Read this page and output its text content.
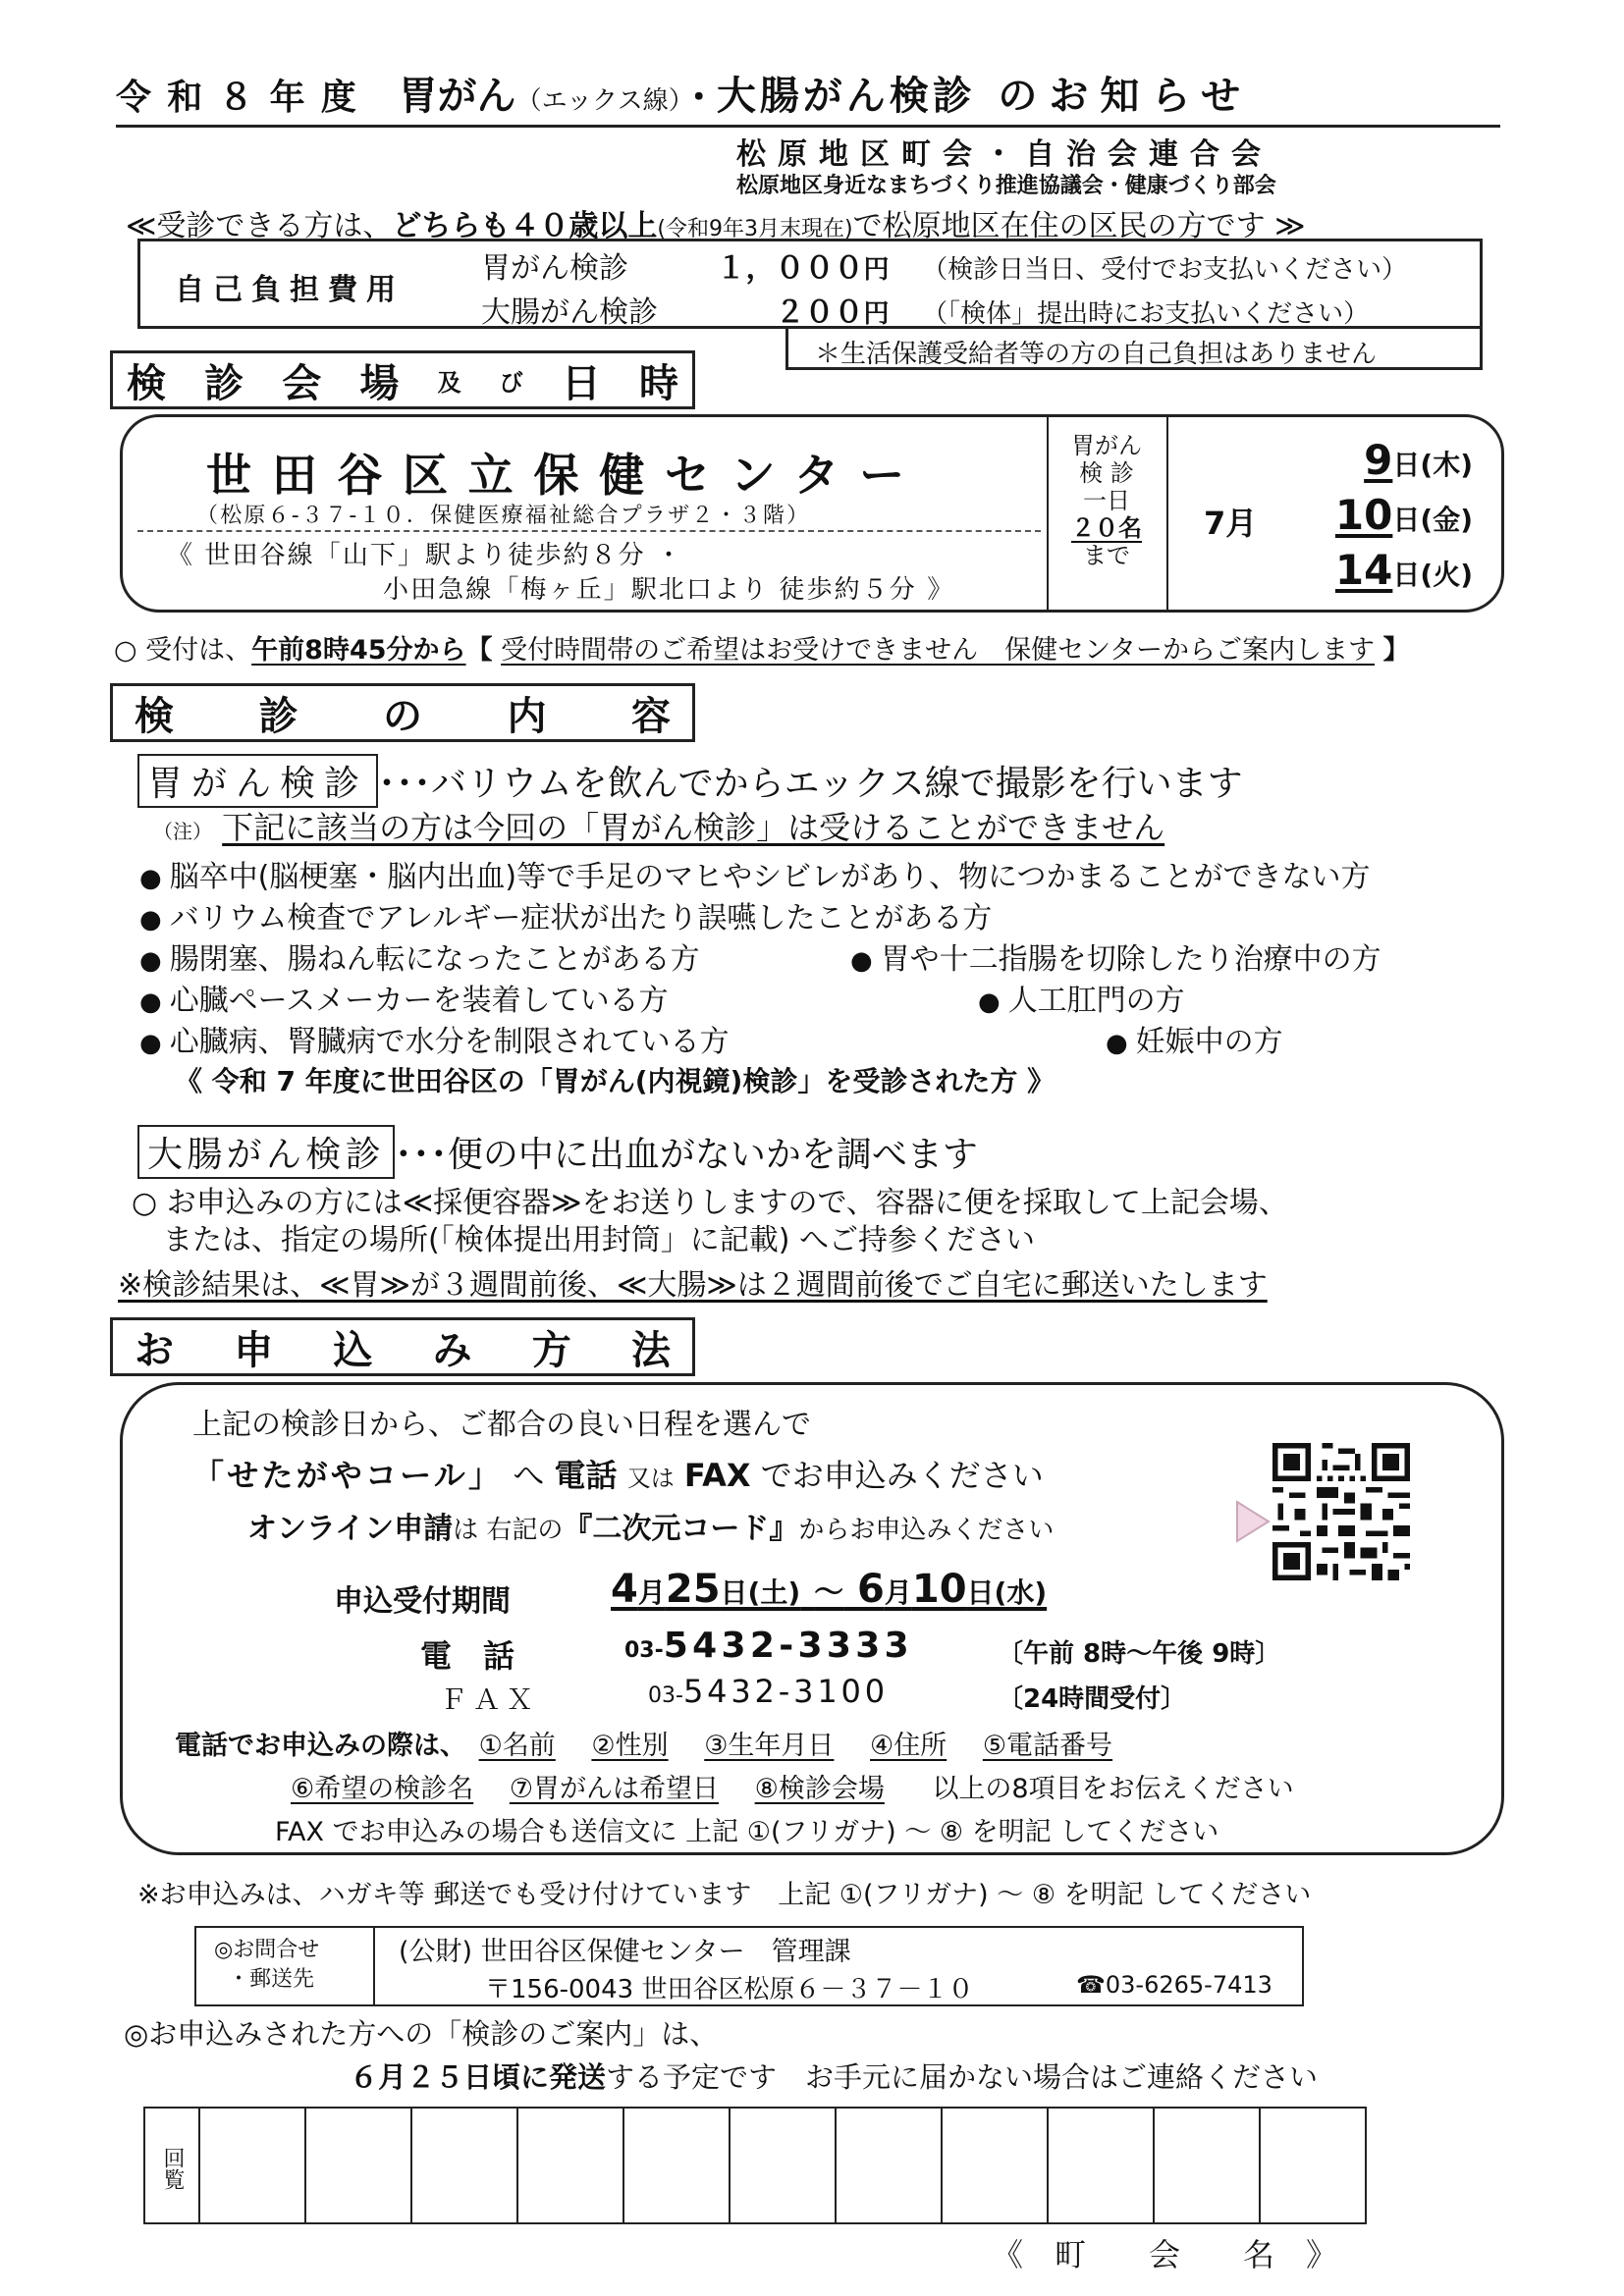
令和８年度 胃がん（エックス線）・大腸がん検診 のお知らせ
松原地区町会・自治会連合会
松原地区身近なまちづくり推進協議会・健康づくり部会
≪受診できる方は、どちらも４０歳以上(令和9年3月末現在)で松原地区在住の区民の方です ≫
自己負担費用
胃がん検診	１，０００円 （検診日当日、受付でお支払いください）
大腸がん検診	２００円 （「検体」提出時にお支払いください）
＊生活保護受給者等の方の自己負担はありません
検 診 会 場 及 び 日 時
世田谷区立保健センター
（松原６-３７-１０．保健医療福祉総合プラザ２・３階）
《 世田谷線「山下」駅より徒歩約８分 ・
小田急線「梅ヶ丘」駅北口より 徒歩約５分 》
胃がん
検 診
一日
２０名
まで
7月
9日(木)
10日(金)
14日(火)
○ 受付は、午前8時45分から【 受付時間帯のご希望はお受けできません　保健センターからご案内します 】
検 診 の 内 容
胃がん検診 ･･･バリウムを飲んでからエックス線で撮影を行います
（注） 下記に該当の方は今回の「胃がん検診」は受けることができません
● 脳卒中(脳梗塞・脳内出血)等で手足のマヒやシビレがあり、物につかまることができない方
● バリウム検査でアレルギー症状が出たり誤嚥したことがある方
● 腸閉塞、腸ねん転になったことがある方	● 胃や十二指腸を切除したり治療中の方
● 心臓ペースメーカーを装着している方	● 人工肛門の方
● 心臓病、腎臓病で水分を制限されている方	● 妊娠中の方
《 令和 7 年度に世田谷区の「胃がん(内視鏡)検診」を受診された方 》
大腸がん検診 ･･･便の中に出血がないかを調べます
○ お申込みの方には≪採便容器≫をお送りしますので、容器に便を採取して上記会場、
または、指定の場所(「検体提出用封筒」に記載) へご持参ください
※検診結果は、≪胃≫が３週間前後、≪大腸≫は２週間前後でご自宅に郵送いたします
お 申 込 み 方 法
上記の検診日から、ご都合の良い日程を選んで
「せたがやコール」 へ 電話 又は FAX でお申込みください
オンライン申請は 右記の『二次元コード』からお申込みください
申込受付期間	4月25日(土) ～ 6月10日(水)
電　話	03-5432-3333	〔午前 8時～午後 9時〕
ＦＡＸ	03-5432-3100	〔24時間受付〕
電話でお申込みの際は、 ①名前 ②性別 ③生年月日 ④住所 ⑤電話番号
⑥希望の検診名 ⑦胃がんは希望日 ⑧検診会場 以上の8項目をお伝えください
FAX でお申込みの場合も送信文に 上記 ①(フリガナ) ～ ⑧ を明記 してください
※お申込みは、ハガキ等 郵送でも受け付けています　上記 ①(フリガナ) ～ ⑧ を明記 してください
◎お問合せ
・郵送先
(公財) 世田谷区保健センター　管理課
〒156-0043 世田谷区松原６－３７－１０	☎03-6265-7413
◎お申込みされた方への「検診のご案内」は、
６月２５日頃に発送する予定です　お手元に届かない場合はご連絡ください
回覧											
《　町　　会　　名　》
